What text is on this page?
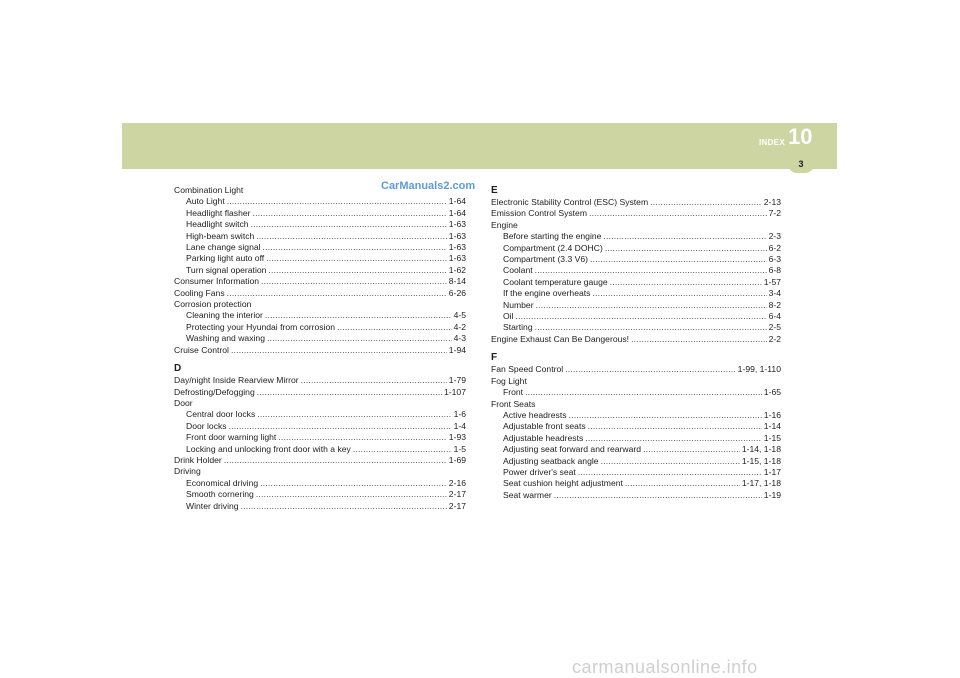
INDEX 10
3
CarManuals2.com
carmanualsonline.info
Combination Light
Auto Light .....	1-64
Headlight flasher .....	1-64
Headlight switch .....	1-63
High-beam switch .....	1-63
Lane change signal .....	1-63
Parking light auto off .....	1-63
Turn signal operation .....	1-62
Consumer Information .....	8-14
Cooling Fans .....	6-26
Corrosion protection
Cleaning the interior .....	4-5
Protecting your Hyundai from corrosion .....	4-2
Washing and waxing .....	4-3
Cruise Control .....	1-94
D
Day/night Inside Rearview Mirror .....	1-79
Defrosting/Defogging .....	1-107
Door
Central door locks .....	1-6
Door locks .....	1-4
Front door warning light .....	1-93
Locking and unlocking front door with a key .....	1-5
Drink Holder .....	1-69
Driving
Economical driving .....	2-16
Smooth cornering .....	2-17
Winter driving .....	2-17
E
Electronic Stability Control (ESC) System .....	2-13
Emission Control System .....	7-2
Engine
Before starting the engine .....	2-3
Compartment (2.4 DOHC) .....	6-2
Compartment (3.3 V6) .....	6-3
Coolant .....	6-8
Coolant temperature gauge .....	1-57
If the engine overheats .....	3-4
Number .....	8-2
Oil .....	6-4
Starting .....	2-5
Engine Exhaust Can Be Dangerous! .....	2-2
F
Fan Speed Control .....	1-99, 1-110
Fog Light
Front .....	1-65
Front Seats
Active headrests .....	1-16
Adjustable front seats .....	1-14
Adjustable headrests .....	1-15
Adjusting seat forward and rearward .....	1-14, 1-18
Adjusting seatback angle .....	1-15, 1-18
Power driver's seat .....	1-17
Seat cushion height adjustment .....	1-17, 1-18
Seat warmer .....	1-19
